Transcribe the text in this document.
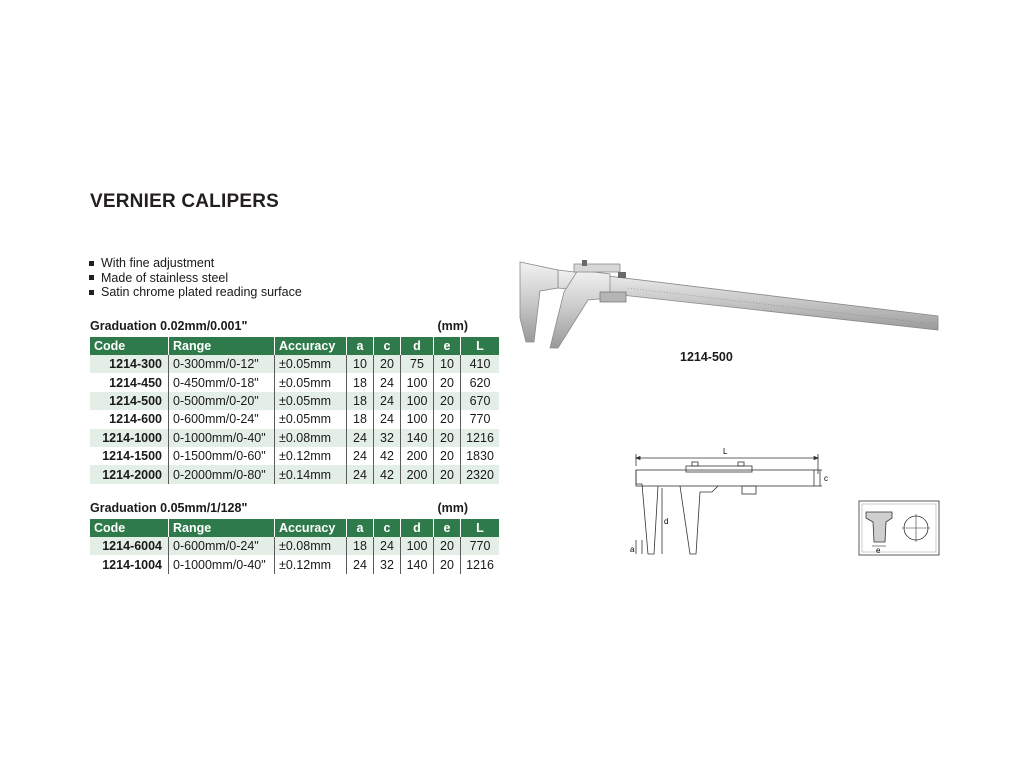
VERNIER CALIPERS
With fine adjustment
Made of stainless steel
Satin chrome plated reading surface
Graduation 0.02mm/0.001"	(mm)
Code	Range	Accuracy	a	c	d	e	L
1214-300	0-300mm/0-12"	±0.05mm	10	20	75	10	410
1214-450	0-450mm/0-18"	±0.05mm	18	24	100	20	620
1214-500	0-500mm/0-20"	±0.05mm	18	24	100	20	670
1214-600	0-600mm/0-24"	±0.05mm	18	24	100	20	770
1214-1000	0-1000mm/0-40"	±0.08mm	24	32	140	20	1216
1214-1500	0-1500mm/0-60"	±0.12mm	24	42	200	20	1830
1214-2000	0-2000mm/0-80"	±0.14mm	24	42	200	20	2320
Graduation 0.05mm/1/128"	(mm)
Code	Range	Accuracy	a	c	d	e	L
1214-6004	0-600mm/0-24"	±0.08mm	18	24	100	20	770
1214-1004	0-1000mm/0-40"	±0.12mm	24	32	140	20	1216
1214-500
L
c
d
a	e
